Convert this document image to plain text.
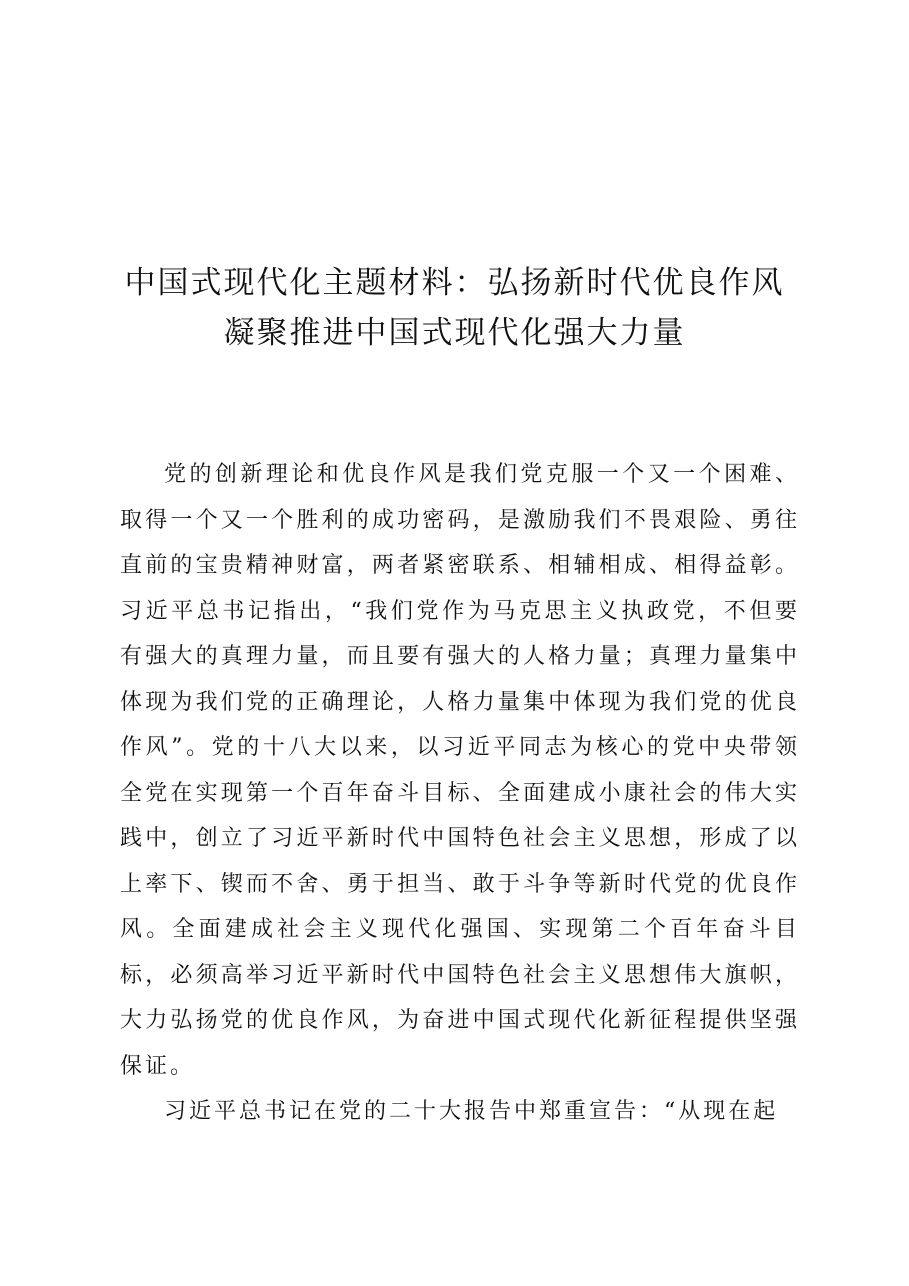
中国式现代化主题材料：弘扬新时代优良作风
凝聚推进中国式现代化强大力量

党的创新理论和优良作风是我们党克服一个又一个困难、取得一个又一个胜利的成功密码，是激励我们不畏艰险、勇往直前的宝贵精神财富，两者紧密联系、相辅相成、相得益彰。习近平总书记指出，“我们党作为马克思主义执政党，不但要有强大的真理力量，而且要有强大的人格力量；真理力量集中体现为我们党的正确理论，人格力量集中体现为我们党的优良作风”。党的十八大以来，以习近平同志为核心的党中央带领全党在实现第一个百年奋斗目标、全面建成小康社会的伟大实践中，创立了习近平新时代中国特色社会主义思想，形成了以上率下、锲而不舍、勇于担当、敢于斗争等新时代党的优良作风。全面建成社会主义现代化强国、实现第二个百年奋斗目标，必须高举习近平新时代中国特色社会主义思想伟大旗帜，大力弘扬党的优良作风，为奋进中国式现代化新征程提供坚强保证。

习近平总书记在党的二十大报告中郑重宣告：“从现在起
